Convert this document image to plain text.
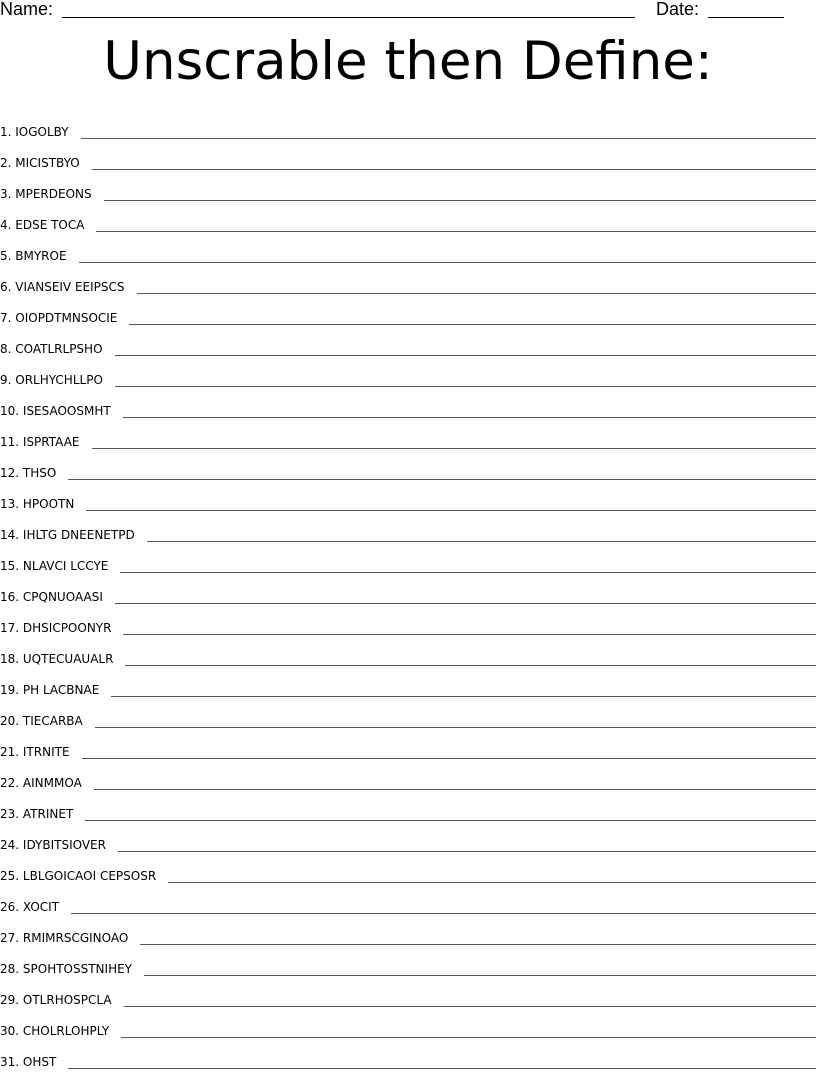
Name:	Date:
Unscrable then Define:
1. IOGOLBY
2. MICISTBYO
3. MPERDEONS
4. EDSE TOCA
5. BMYROE
6. VIANSEIV EEIPSCS
7. OIOPDTMNSOCIE
8. COATLRLPSHO
9. ORLHYCHLLPO
10. ISESAOOSMHT
11. ISPRTAAE
12. THSO
13. HPOOTN
14. IHLTG DNEENETPD
15. NLAVCI LCCYE
16. CPQNUOAASI
17. DHSICPOONYR
18. UQTECUAUALR
19. PH LACBNAE
20. TIECARBA
21. ITRNITE
22. AINMMOA
23. ATRINET
24. IDYBITSIOVER
25. LBLGOICAOI CEPSOSR
26. XOCIT
27. RMIMRSCGINOAO
28. SPOHTOSSTNIHEY
29. OTLRHOSPCLA
30. CHOLRLOHPLY
31. OHST
